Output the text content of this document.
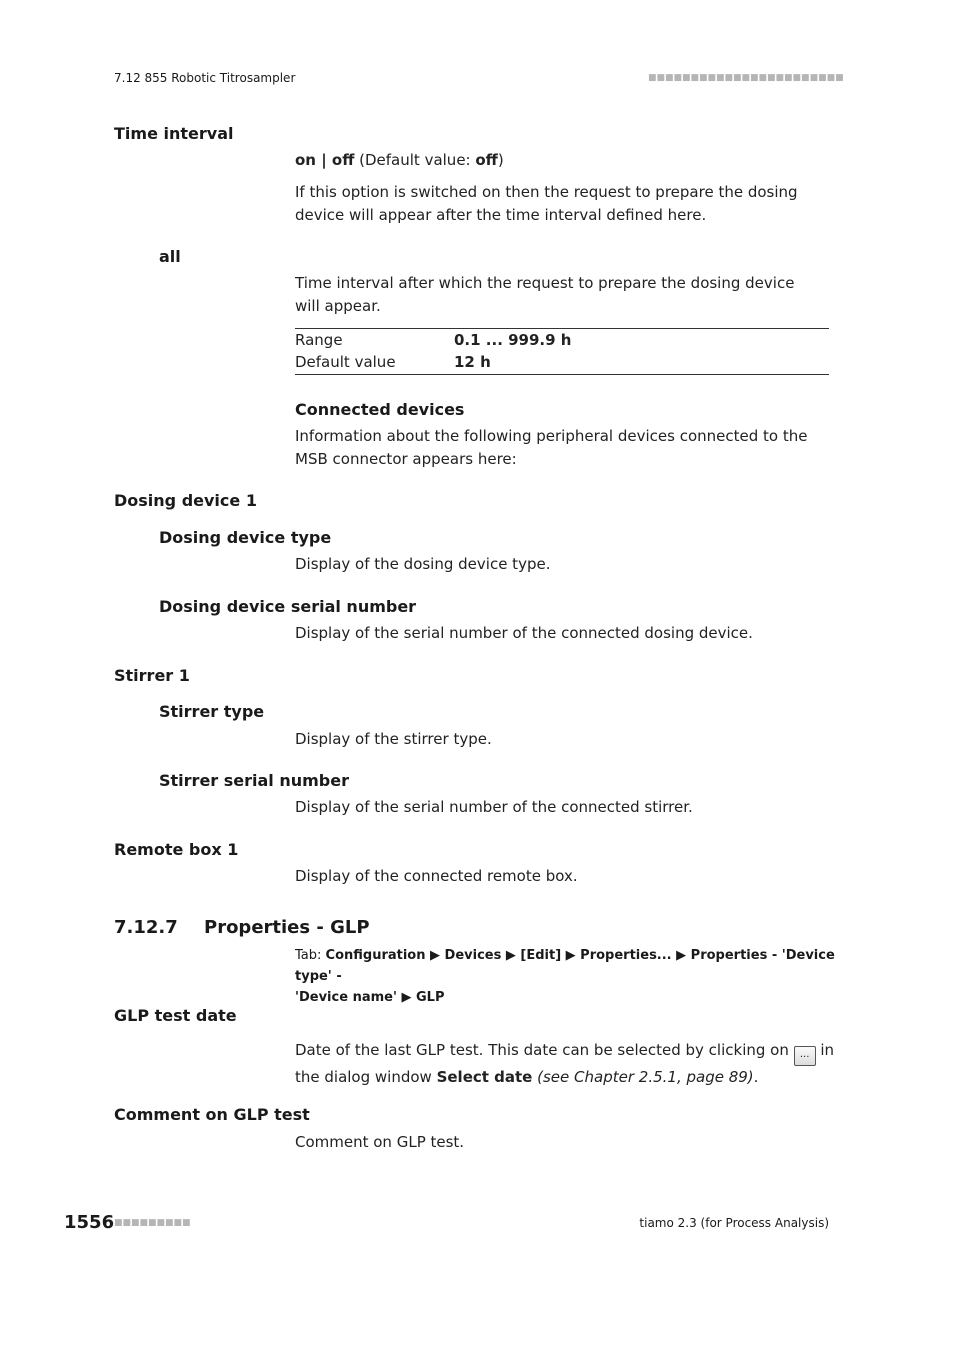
7.12 855 Robotic Titrosampler	■■■■■■■■■■■■■■■■■■■■■■■
Time interval
on | off (Default value: off)
If this option is switched on then the request to prepare the dosing device will appear after the time interval defined here.
all
Time interval after which the request to prepare the dosing device will appear.
Range	0.1 ... 999.9 h
Default value	12 h
Connected devices
Information about the following peripheral devices connected to the MSB connector appears here:
Dosing device 1
Dosing device type
Display of the dosing device type.
Dosing device serial number
Display of the serial number of the connected dosing device.
Stirrer 1
Stirrer type
Display of the stirrer type.
Stirrer serial number
Display of the serial number of the connected stirrer.
Remote box 1
Display of the connected remote box.
7.12.7 Properties - GLP
Tab: Configuration ▶ Devices ▶ [Edit] ▶ Properties... ▶ Properties - 'Device type' -
'Device name' ▶ GLP
GLP test date
Date of the last GLP test. This date can be selected by clicking on ... in the dialog window Select date (see Chapter 2.5.1, page 89).
Comment on GLP test
Comment on GLP test.
1556 ■■■■■■■■■	tiamo 2.3 (for Process Analysis)
